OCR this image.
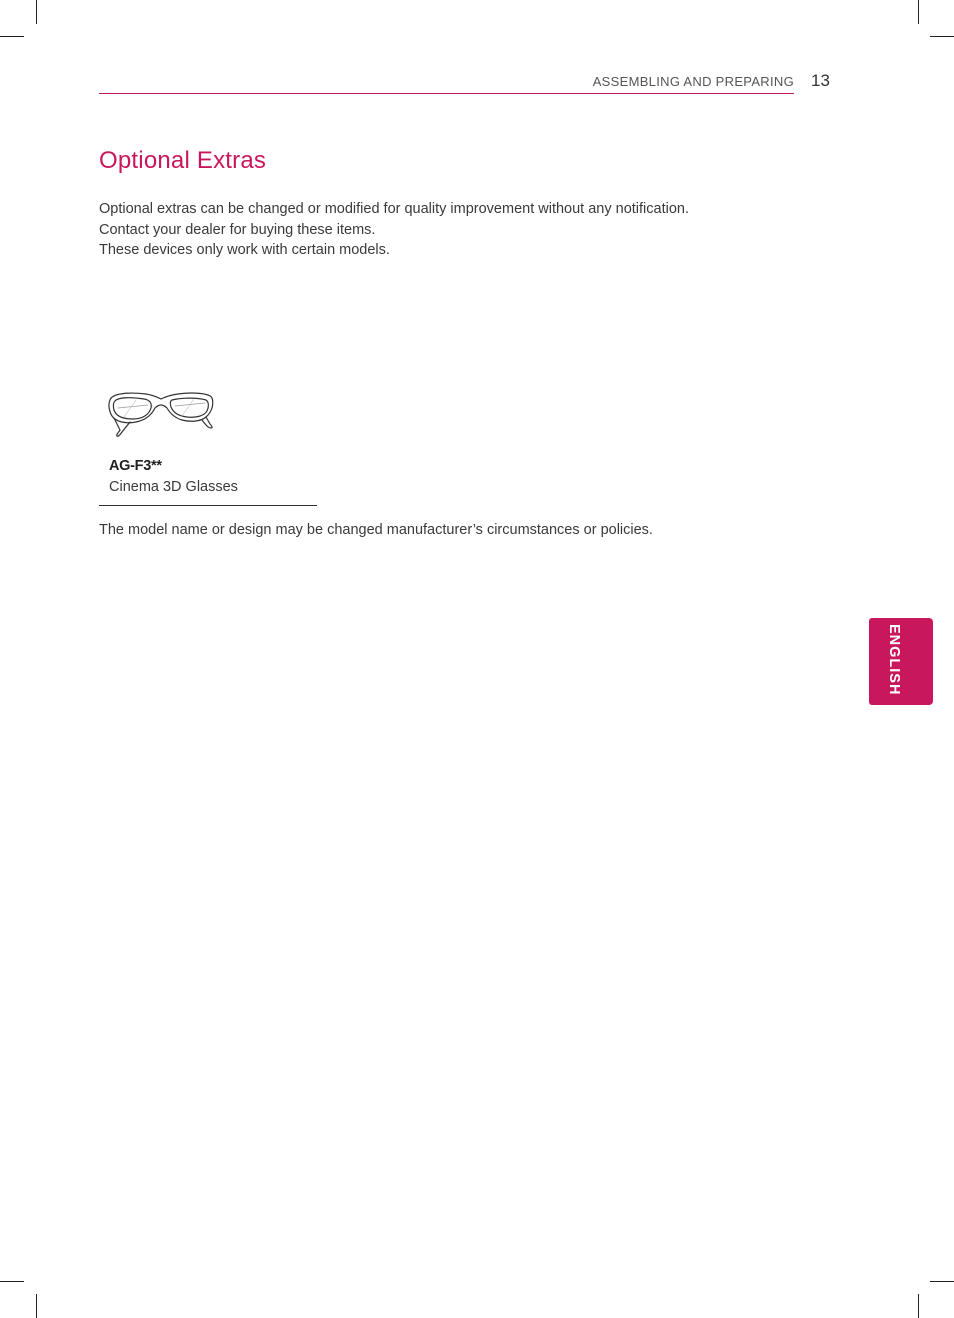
ASSEMBLING AND PREPARING 13
Optional Extras
Optional extras can be changed or modified for quality improvement without any notification.
Contact your dealer for buying these items.
These devices only work with certain models.
AG-F3**
Cinema 3D Glasses
The model name or design may be changed manufacturer’s circumstances or policies.
ENGLISH
